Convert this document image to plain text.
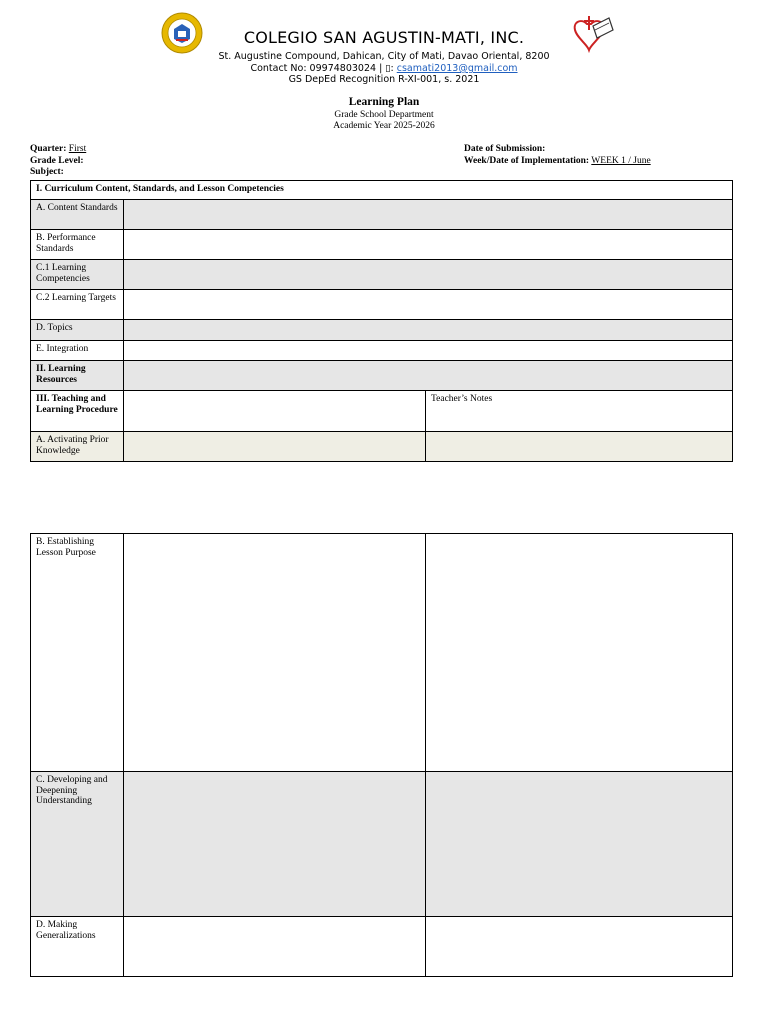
COLEGIO SAN AGUSTIN-MATI, INC.
St. Augustine Compound, Dahican, City of Mati, Davao Oriental, 8200
Contact No: 09974803024 | ▯: csamati2013@gmail.com
GS DepEd Recognition R-XI-001, s. 2021
Learning Plan
Grade School Department
Academic Year 2025-2026
Quarter: First
Grade Level:
Subject:
Date of Submission:
Week/Date of Implementation: WEEK 1 / June
I. Curriculum Content, Standards, and Lesson Competencies		
A. Content Standards		
B. Performance Standards		
C.1 Learning Competencies		
C.2 Learning Targets		
D. Topics		
E. Integration		
II. Learning Resources		
III. Teaching and Learning Procedure		Teacher’s Notes
A. Activating Prior Knowledge		
B. Establishing Lesson Purpose		
C. Developing and Deepening Understanding		
D. Making Generalizations		
